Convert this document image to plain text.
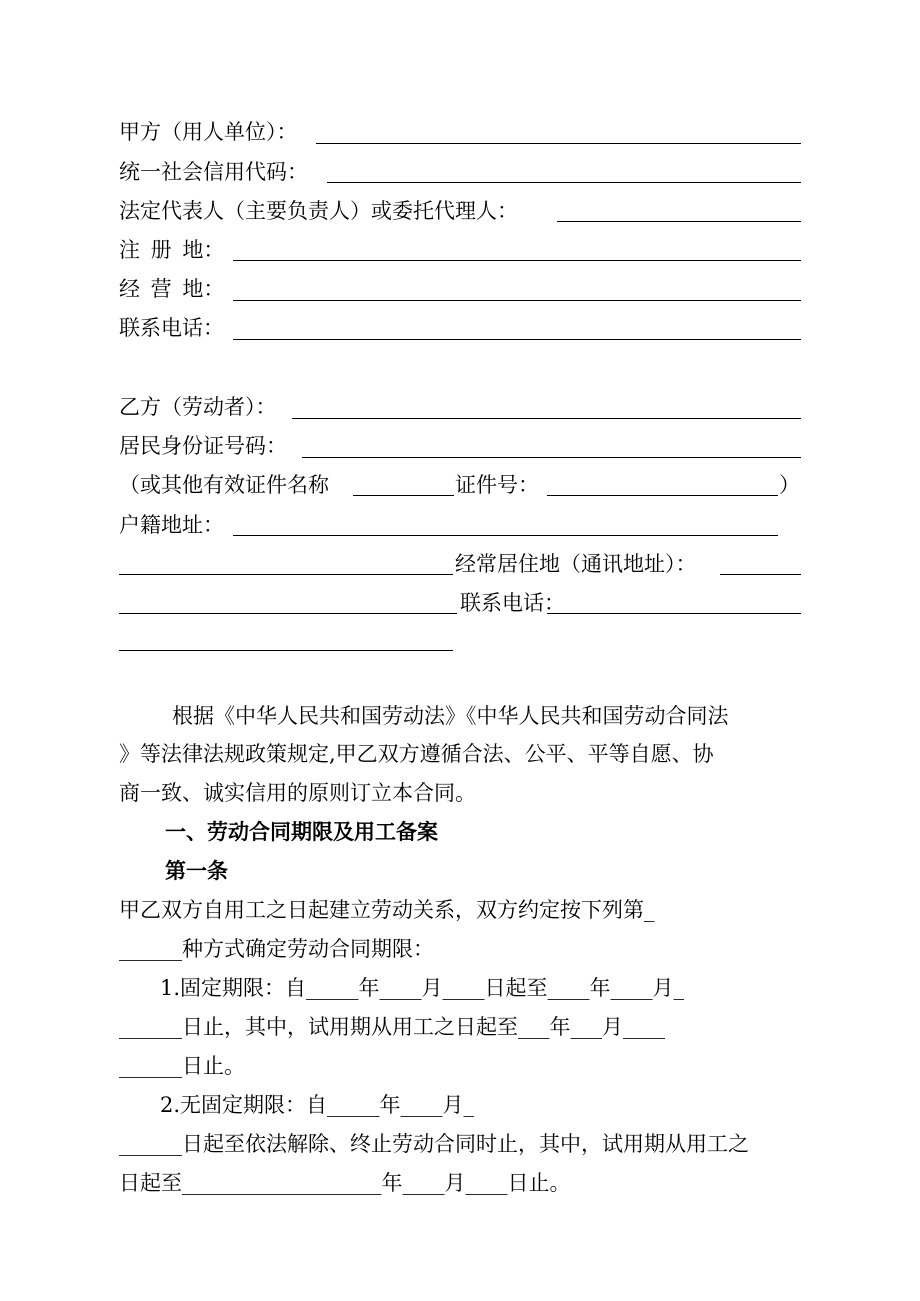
甲方（用人单位）：
统一社会信用代码：
法定代表人（主要负责人）或委托代理人：
注 册 地：
经 营 地：
联系电话：
乙方（劳动者）：
居民身份证号码：
（或其他有效证件名称	证件号：	）
户籍地址：
经常居住地（通讯地址）：
联系电话：
根据《中华人民共和国劳动法》《中华人民共和国劳动合同法
》等法律法规政策规定,甲乙双方遵循合法、公平、平等自愿、协
商一致、诚实信用的原则订立本合同。
一、劳动合同期限及用工备案
第一条
甲乙双方自用工之日起建立劳动关系，双方约定按下列第_
______种方式确定劳动合同期限：
1.固定期限：自_____年____月____日起至____年____月_
______日止，其中，试用期从用工之日起至___年___月____
______日止。
2.无固定期限：自_____年____月_
______日起至依法解除、终止劳动合同时止，其中，试用期从用工之
日起至___________________年____月____日止。
